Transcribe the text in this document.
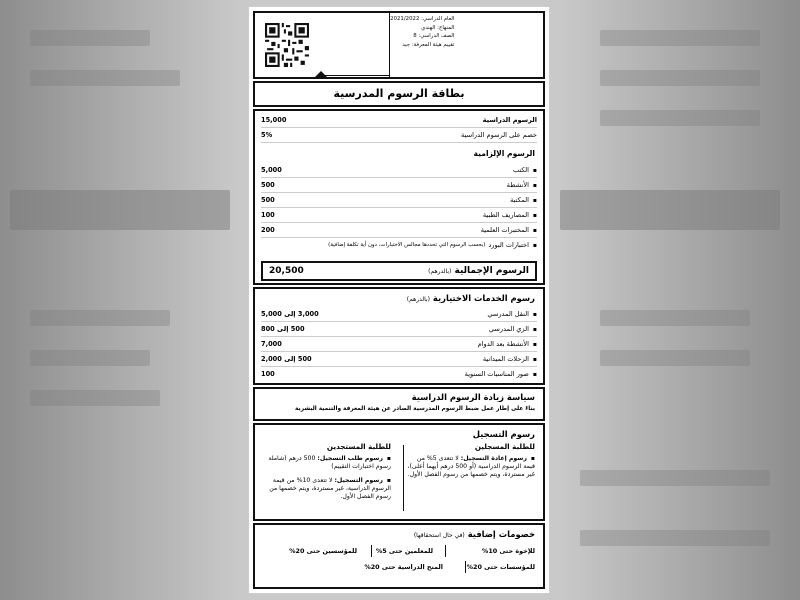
العام الدراسي: 2021/2022
المنهاج: الهندي
الصف الدراسي: 8
تقييم هيئة المعرفة: جيد
بطاقة الرسوم المدرسية
الرسوم الدراسية
15,000
خصم على الرسوم الدراسية
5%
الرسوم الإلزامية
▪ الكتب
5,000
▪ الأنشطة
500
▪ المكتبة
500
▪ المصاريف الطبية
100
▪ المختبرات العلمية
200
▪ اختبارات البورد
(بحسب الرسوم التي تحددها مجالس الاختبارات، دون أية تكلفة إضافية)
الرسوم الإجمالية (بالدرهم)
20,500
رسوم الخدمات الاختيارية (بالدرهم)
▪ النقل المدرسي
3,000 إلى 5,000
▪ الزي المدرسي
500 إلى 800
▪ الأنشطة بعد الدوام
7,000
▪ الرحلات الميدانية
500 إلى 2,000
▪ صور المناسبات السنوية
100
سياسة زيادة الرسوم الدراسية
بناءً على إطار عمل ضبط الرسوم المدرسية الصادر عن هيئة المعرفة والتنمية البشرية
رسوم التسجيل
للطلبة المسجلين
▪ رسوم إعادة التسجيل: لا تتعدى 5% من قيمة الرسوم الدراسية (أو 500 درهم أيهما أعلى)، غير مستردة، ويتم خصمها من رسوم الفصل الأول.
للطلبة المستجدين
▪ رسوم طلب التسجيل: 500 درهم (شاملة رسوم اختبارات التقييم)
▪ رسوم التسجيل: لا تتعدى 10% من قيمة الرسوم الدراسية، غير مستردة، ويتم خصمها من رسوم الفصل الأول.
خصومات إضافية (في حال استحقاقها)
للإخوة حتى 10%
للمعلمين حتى 5%
للمؤسسين حتى 20%
للمؤسسات حتى 20%
المنح الدراسية حتى 20%
